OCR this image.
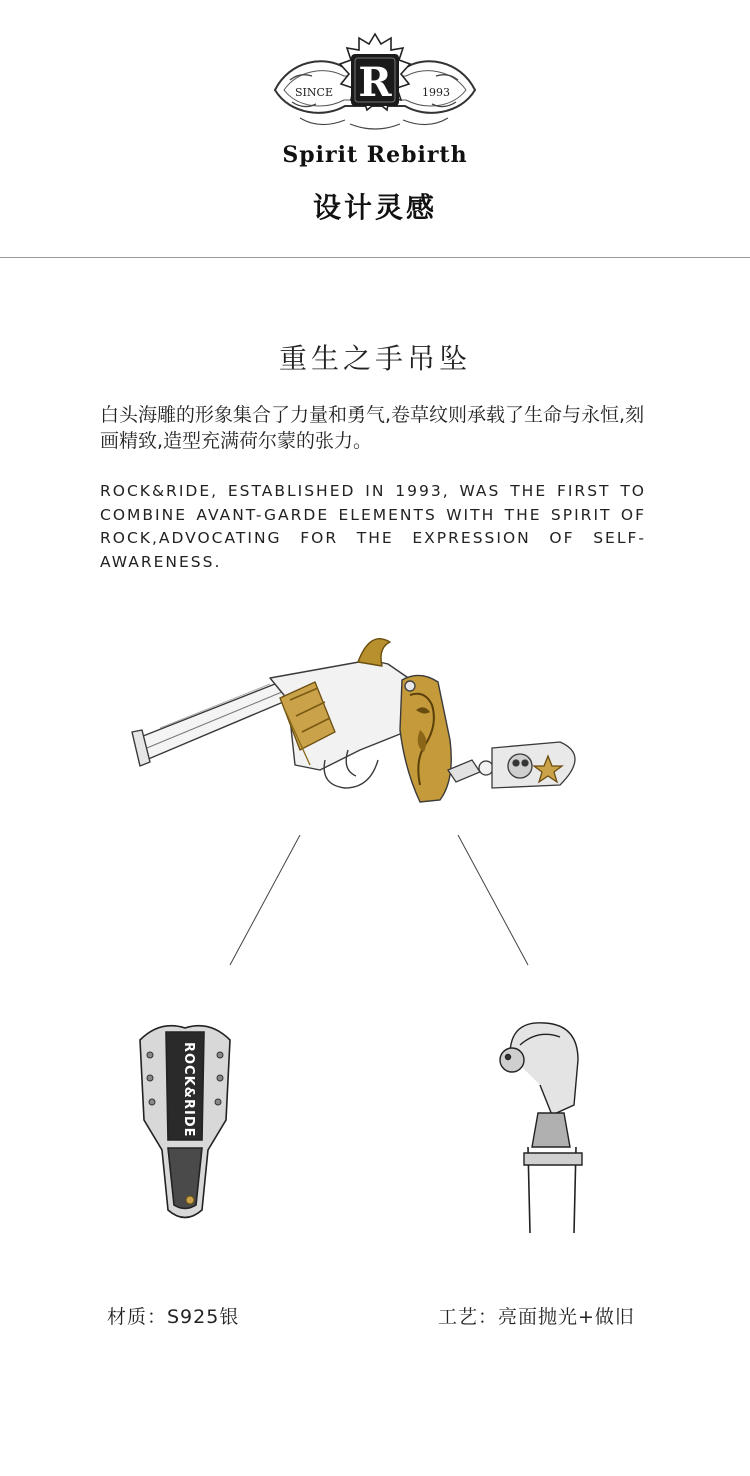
R
SINCE	1993
Spirit Rebirth
设计灵感
重生之手吊坠
白头海雕的形象集合了力量和勇气,卷草纹则承载了生命与永恒,刻画精致,造型充满荷尔蒙的张力。
ROCK&RIDE, ESTABLISHED IN 1993, WAS THE FIRST TO COMBINE AVANT-GARDE ELEMENTS WITH THE SPIRIT OF ROCK,ADVOCATING FOR THE EXPRESSION OF SELF-AWARENESS.
ROCK&RIDE
材质：S925银	工艺：亮面抛光+做旧
